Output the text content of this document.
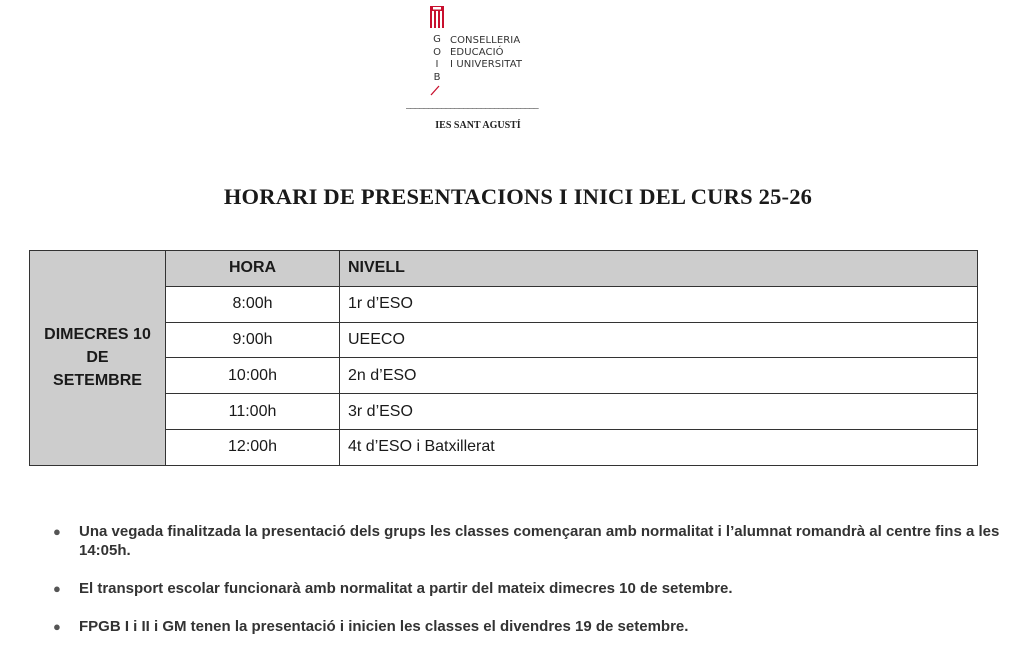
G
O
I
B
CONSELLERIA
EDUCACIÓ
I UNIVERSITAT
______________________________
IES SANT AGUSTÍ
HORARI DE PRESENTACIONS I INICI DEL CURS 25-26
DIMECRES 10
DE
SETEMBRE	HORA	NIVELL
	8:00h	1r d’ESO
	9:00h	UEECO
	10:00h	2n d’ESO
	11:00h	3r d’ESO
	12:00h	4t d’ESO i Batxillerat
● Una vegada finalitzada la presentació dels grups les classes començaran amb normalitat i l’alumnat romandrà al centre fins a les 14:05h.
● El transport escolar funcionarà amb normalitat a partir del mateix dimecres 10 de setembre.
● FPGB I i II i GM tenen la presentació i inicien les classes el divendres 19 de setembre.
